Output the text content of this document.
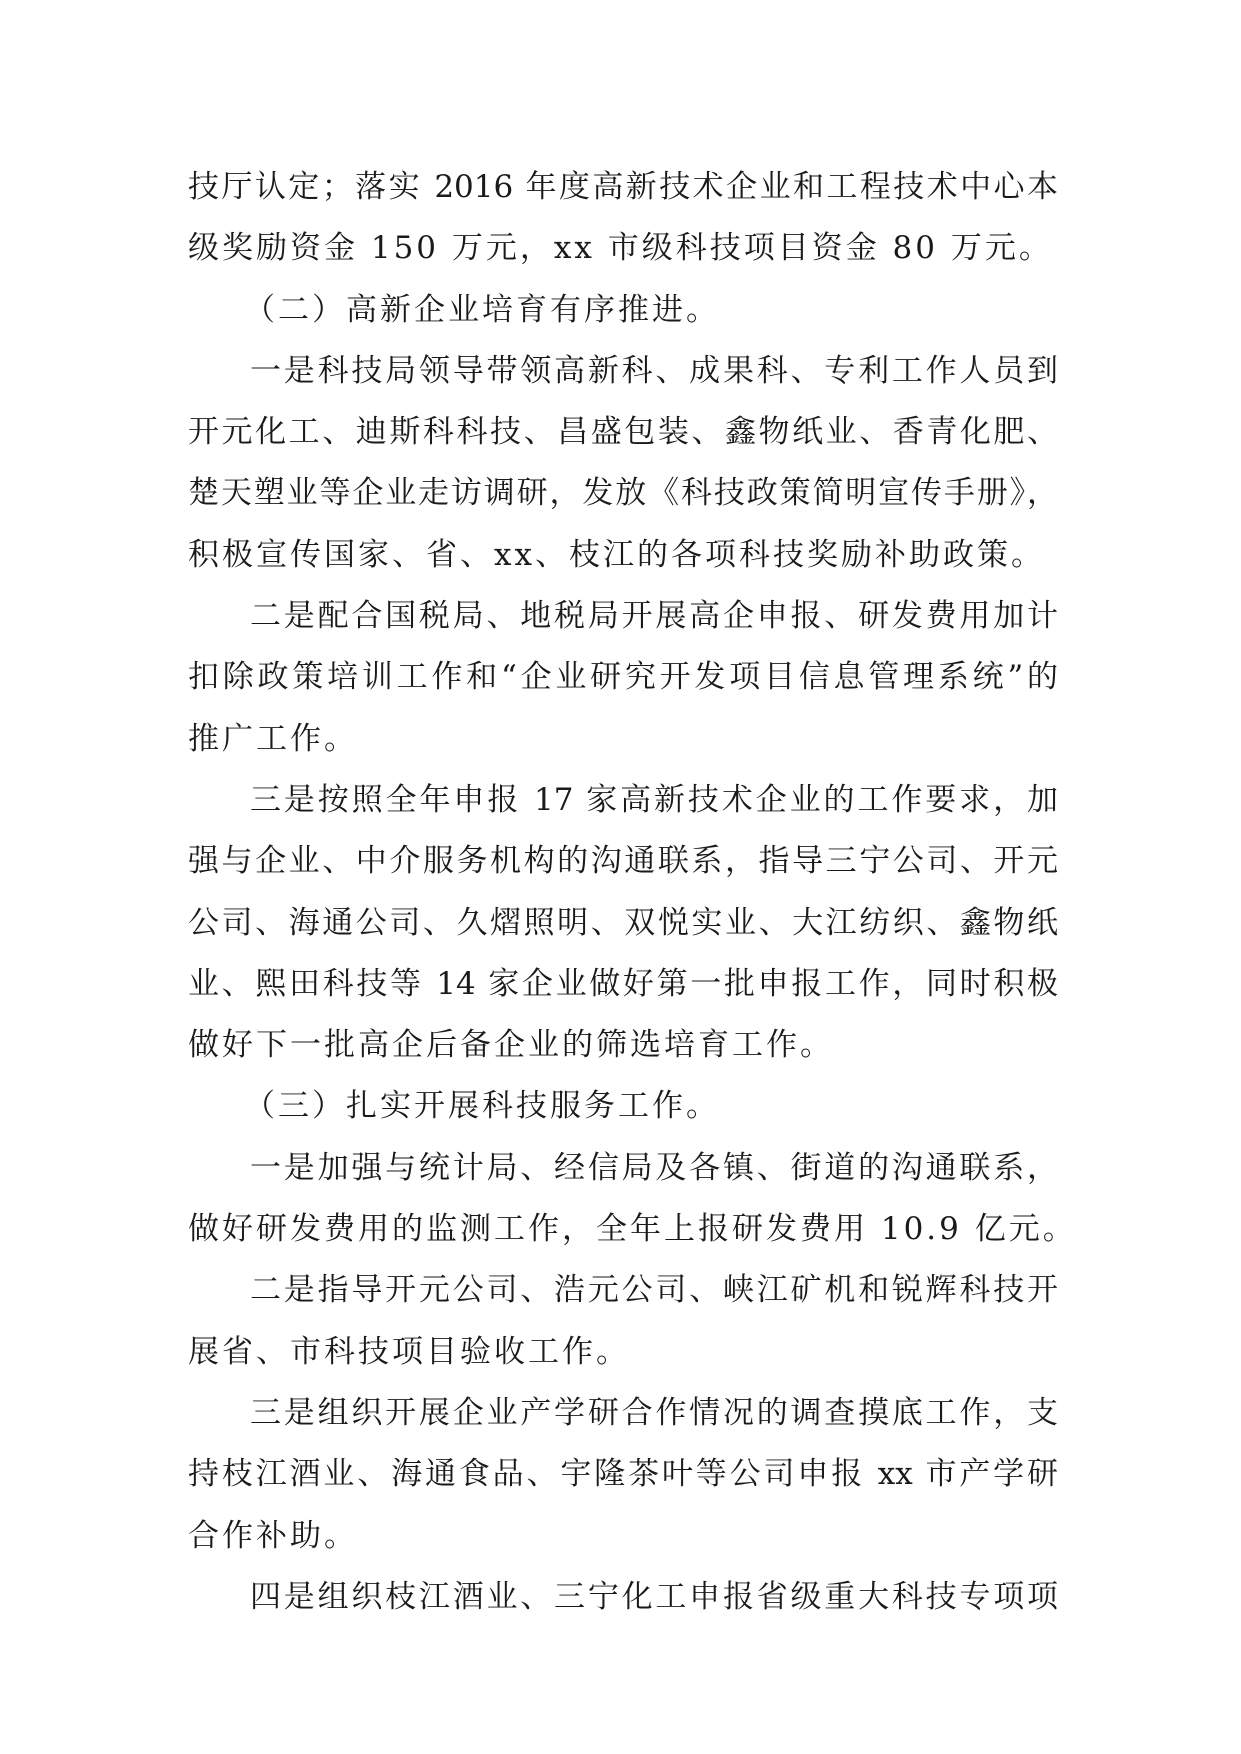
技厅认定；落实 2016 年度高新技术企业和工程技术中心本
级奖励资金 150 万元，xx 市级科技项目资金 80 万元。
（二）高新企业培育有序推进。
一是科技局领导带领高新科、成果科、专利工作人员到
开元化工、迪斯科科技、昌盛包装、鑫物纸业、香青化肥、
楚天塑业等企业走访调研，发放《科技政策简明宣传手册》，
积极宣传国家、省、xx、枝江的各项科技奖励补助政策。
二是配合国税局、地税局开展高企申报、研发费用加计
扣除政策培训工作和“企业研究开发项目信息管理系统”的
推广工作。
三是按照全年申报 17 家高新技术企业的工作要求，加
强与企业、中介服务机构的沟通联系，指导三宁公司、开元
公司、海通公司、久熠照明、双悦实业、大江纺织、鑫物纸
业、熙田科技等 14 家企业做好第一批申报工作，同时积极
做好下一批高企后备企业的筛选培育工作。
（三）扎实开展科技服务工作。
一是加强与统计局、经信局及各镇、街道的沟通联系，
做好研发费用的监测工作，全年上报研发费用 10.9 亿元。
二是指导开元公司、浩元公司、峡江矿机和锐辉科技开
展省、市科技项目验收工作。
三是组织开展企业产学研合作情况的调查摸底工作，支
持枝江酒业、海通食品、宇隆茶叶等公司申报 xx 市产学研
合作补助。
四是组织枝江酒业、三宁化工申报省级重大科技专项项
